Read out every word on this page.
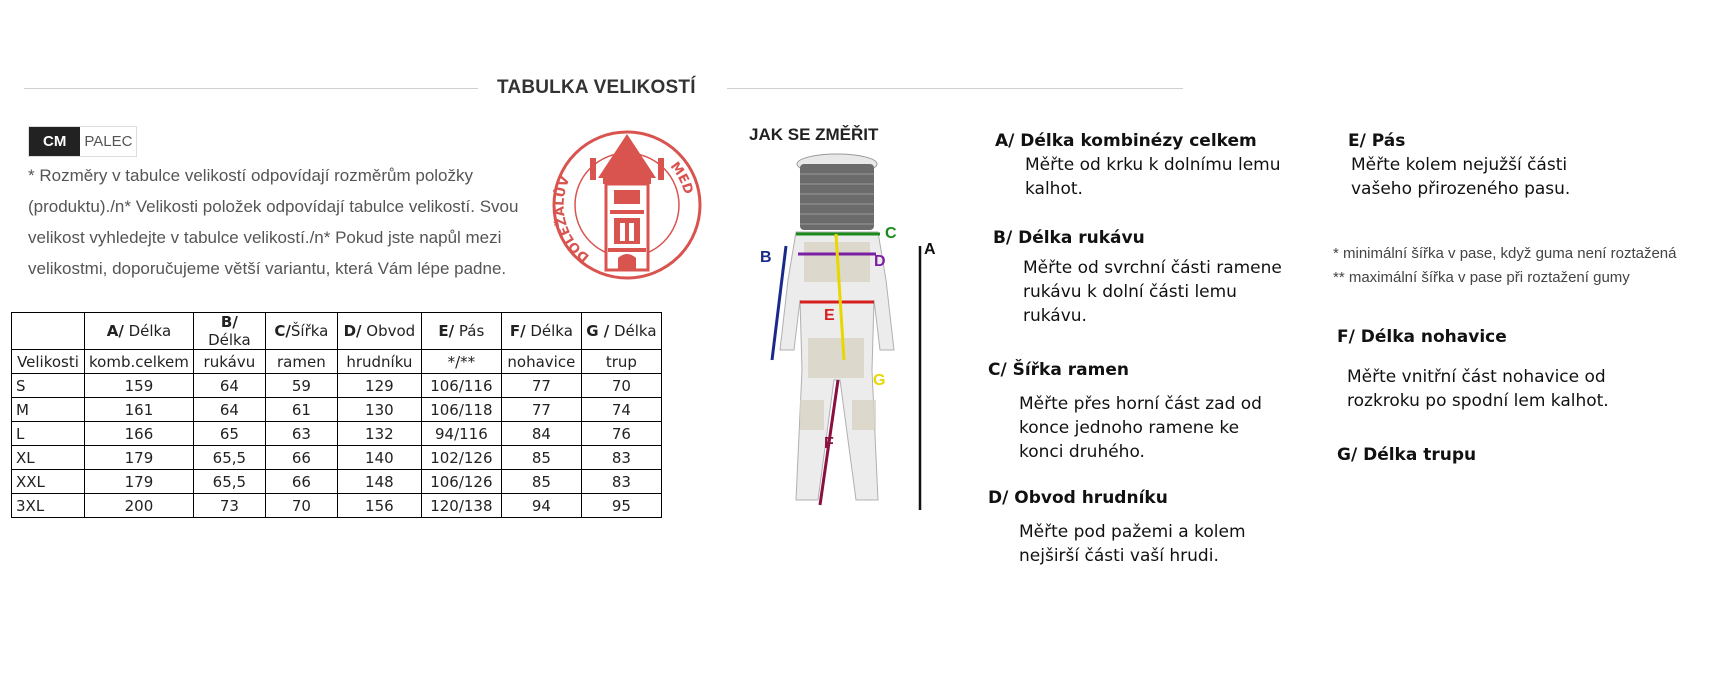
TABULKA VELIKOSTÍ
CM	PALEC
* Rozměry v tabulce velikostí odpovídají rozměrům položky (produktu)./n* Velikosti položek odpovídají tabulce velikostí. Svou velikost vyhledejte v tabulce velikostí./n* Pokud jste napůl mezi velikostmi, doporučujeme větší variantu, která Vám lépe padne.
DOLEŽALŮV
MED
	A/ Délka	B/ Délka	C/Šířka	D/ Obvod	E/ Pás	F/ Délka	G / Délka
Velikosti	komb.celkem	rukávu	ramen	hrudníku	*/**	nohavice	trup
S	159	64	59	129	106/116	77	70
M	161	64	61	130	106/118	77	74
L	166	65	63	132	94/116	84	76
XL	179	65,5	66	140	102/126	85	83
XXL	179	65,5	66	148	106/126	85	83
3XL	200	73	70	156	120/138	94	95
JAK SE ZMĚŘIT
C
D
E
G
B
F
A
A/ Délka kombinézy celkem
Měřte od krku k dolnímu lemu kalhot.
B/ Délka rukávu
Měřte od svrchní části ramene rukávu k dolní části lemu rukávu.
C/ Šířka ramen
Měřte přes horní část zad od konce jednoho ramene ke konci druhého.
D/ Obvod hrudníku
Měřte pod pažemi a kolem nejširší části vaší hrudi.
E/ Pás
Měřte kolem nejužší části vašeho přirozeného pasu.
* minimální šířka v pase, když guma není roztažená
** maximální šířka v pase při roztažení gumy
F/ Délka nohavice
Měřte vnitřní část nohavice od rozkroku po spodní lem kalhot.
G/ Délka trupu
